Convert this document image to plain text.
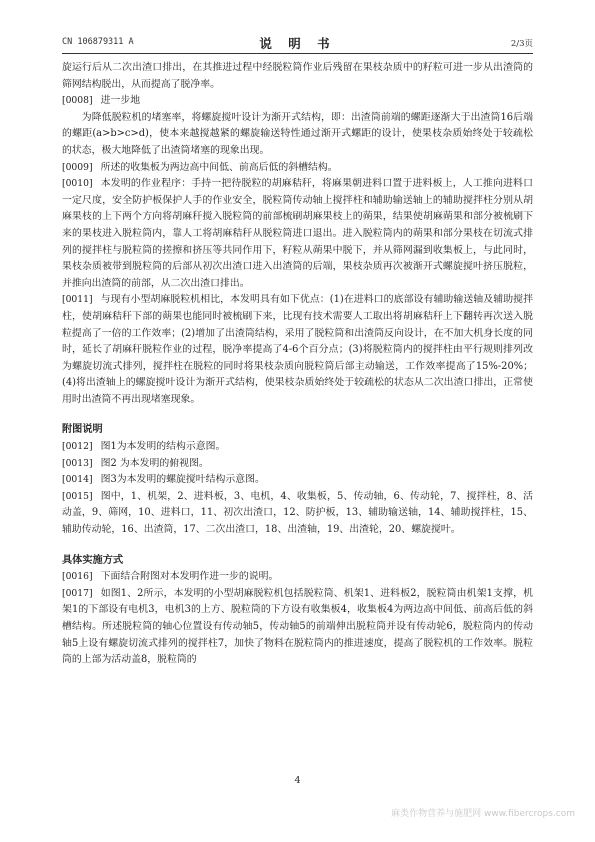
CN 106879311 A	说 明 书	2/3页

旋运行后从二次出渣口排出，在其推进过程中经脱粒筒作业后残留在果枝杂质中的籽粒可进一步从出渣筒的筛网结构脱出，从而提高了脱净率。

[0008] 进一步地

为降低脱粒机的堵塞率，将螺旋搅叶设计为渐开式结构，即：出渣筒前端的螺距逐渐大于出渣筒16后端的螺距(a>b>c>d)，使本来越搅越紧的螺旋输送特性通过渐开式螺距的设计，使果枝杂质始终处于较疏松的状态，极大地降低了出渣筒堵塞的现象出现。

[0009] 所述的收集板为两边高中间低、前高后低的斜槽结构。

[0010] 本发明的作业程序：手持一把待脱粒的胡麻秸秆，将麻果朝进料口置于进料板上，人工推向进料口一定尺度，安全防护板保护人手的作业安全，脱粒筒传动轴上搅拌柱和辅助输送轴上的辅助搅拌柱分别从胡麻果枝的上下两个方向将胡麻秆搅入脱粒筒的前部梳刷胡麻果枝上的蒴果，结果使胡麻蒴果和部分被梳刷下来的果枝进入脱粒筒内，靠人工将胡麻秸秆从脱粒筒进口退出。进入脱粒筒内的蒴果和部分果枝在切流式排列的搅拌柱与脱粒筒的搓擦和挤压等共同作用下，籽粒从蒴果中脱下，并从筛网漏到收集板上，与此同时，果枝杂质被带到脱粒筒的后部从初次出渣口进入出渣筒的后端，果枝杂质再次被渐开式螺旋搅叶挤压脱粒，并推向出渣筒的前部，从二次出渣口排出。

[0011] 与现有小型胡麻脱粒机相比，本发明具有如下优点：(1)在进料口的底部设有辅助输送轴及辅助搅拌柱，使胡麻秸秆下部的蒴果也能同时被梳刷下来，比现有技术需要人工取出将胡麻秸秆上下翻转再次送入脱粒提高了一倍的工作效率；(2)增加了出渣筒结构，采用了脱粒筒和出渣筒反向设计，在不加大机身长度的同时，延长了胡麻秆脱粒作业的过程，脱净率提高了4-6个百分点；(3)将脱粒筒内的搅拌柱由平行规则排列改为螺旋切流式排列，搅拌柱在脱粒的同时将果枝杂质向脱粒筒后部主动输送，工作效率提高了15%-20%；(4)将出渣轴上的螺旋搅叶设计为渐开式结构，使果枝杂质始终处于较疏松的状态从二次出渣口排出，正常使用时出渣筒不再出现堵塞现象。

附图说明

[0012] 图1为本发明的结构示意图。

[0013] 图2 为本发明的俯视图。

[0014] 图3为本发明的螺旋搅叶结构示意图。

[0015] 图中，1、机架，2、进料板，3、电机，4、收集板，5、传动轴，6、传动轮，7、搅拌柱，8、活动盖，9、筛网，10、进料口，11、初次出渣口，12、防护板，13、辅助输送轴，14、辅助搅拌柱，15、辅助传动轮，16、出渣筒，17、二次出渣口，18、出渣轴，19、出渣轮，20、螺旋搅叶。

具体实施方式

[0016] 下面结合附图对本发明作进一步的说明。

[0017] 如图1、2所示，本发明的小型胡麻脱粒机包括脱粒筒、机架1、进料板2，脱粒筒由机架1支撑，机架1的下部设有电机3，电机3的上方、脱粒筒的下方设有收集板4，收集板4为两边高中间低、前高后低的斜槽结构。所述脱粒筒的轴心位置设有传动轴5，传动轴5的前端伸出脱粒筒并设有传动轮6，脱粒筒内的传动轴5上设有螺旋切流式排列的搅拌柱7，加快了物料在脱粒筒内的推进速度，提高了脱粒机的工作效率。脱粒筒的上部为活动盖8，脱粒筒的

4
麻类作物营养与施肥网 www.fibercrops.com
